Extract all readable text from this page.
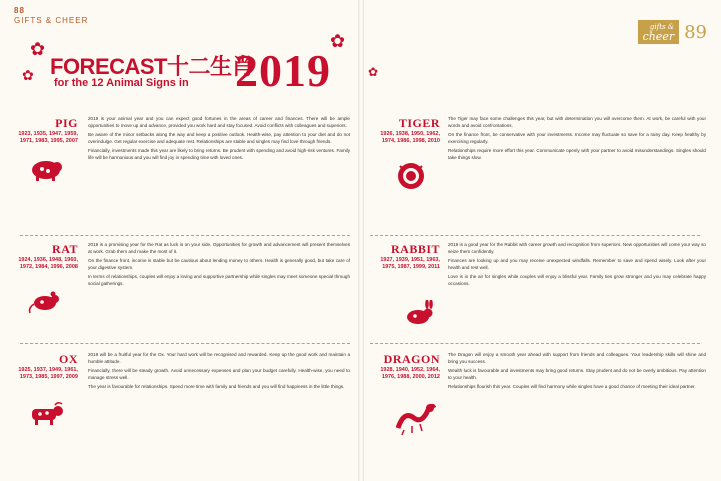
88
GIFTS & CHEER
gifts &
cheer 89
✿
✿
✿
✿
FORECAST十二生肖
for the 12 Animal Signs in 2019
PIG
1923, 1935, 1947, 1959, 1971, 1983, 1995, 2007

2019 is your animal year and you can expect good fortunes in the areas of career and finances. There will be ample opportunities to move up and advance, provided you work hard and stay focused. Avoid conflicts with colleagues and superiors.

Be aware of the minor setbacks along the way and keep a positive outlook. Health-wise, pay attention to your diet and do not overindulge. Get regular exercise and adequate rest. Relationships are stable and singles may find love through friends.

Financially, investments made this year are likely to bring returns. Be prudent with spending and avoid high-risk ventures. Family life will be harmonious and you will find joy in spending time with loved ones.

RAT
1924, 1936, 1948, 1960, 1972, 1984, 1996, 2008

2019 is a promising year for the Rat as luck is on your side. Opportunities for growth and advancement will present themselves at work. Grab them and make the most of it.

On the finance front, income is stable but be cautious about lending money to others. Health is generally good, but take care of your digestive system.

In terms of relationships, couples will enjoy a loving and supportive partnership while singles may meet someone special through social gatherings.

OX
1925, 1937, 1949, 1961, 1973, 1985, 1997, 2009

2019 will be a fruitful year for the Ox. Your hard work will be recognised and rewarded. Keep up the good work and maintain a humble attitude.

Financially, there will be steady growth. Avoid unnecessary expenses and plan your budget carefully. Health-wise, you need to manage stress well.

The year is favourable for relationships. Spend more time with family and friends and you will find happiness in the little things.

TIGER
1926, 1938, 1950, 1962, 1974, 1986, 1998, 2010

The Tiger may face some challenges this year, but with determination you will overcome them. At work, be careful with your words and avoid confrontations.

On the finance front, be conservative with your investments. Income may fluctuate so save for a rainy day. Keep healthy by exercising regularly.

Relationships require more effort this year. Communicate openly with your partner to avoid misunderstandings. Singles should take things slow.

RABBIT
1927, 1939, 1951, 1963, 1975, 1987, 1999, 2011

2019 is a good year for the Rabbit with career growth and recognition from superiors. New opportunities will come your way so seize them confidently.

Finances are looking up and you may receive unexpected windfalls. Remember to save and spend wisely. Look after your health and rest well.

Love is in the air for singles while couples will enjoy a blissful year. Family ties grow stronger and you may celebrate happy occasions.

DRAGON
1928, 1940, 1952, 1964, 1976, 1988, 2000, 2012

The Dragon will enjoy a smooth year ahead with support from friends and colleagues. Your leadership skills will shine and bring you success.

Wealth luck is favourable and investments may bring good returns. Stay prudent and do not be overly ambitious. Pay attention to your health.

Relationships flourish this year. Couples will find harmony while singles have a good chance of meeting their ideal partner.
